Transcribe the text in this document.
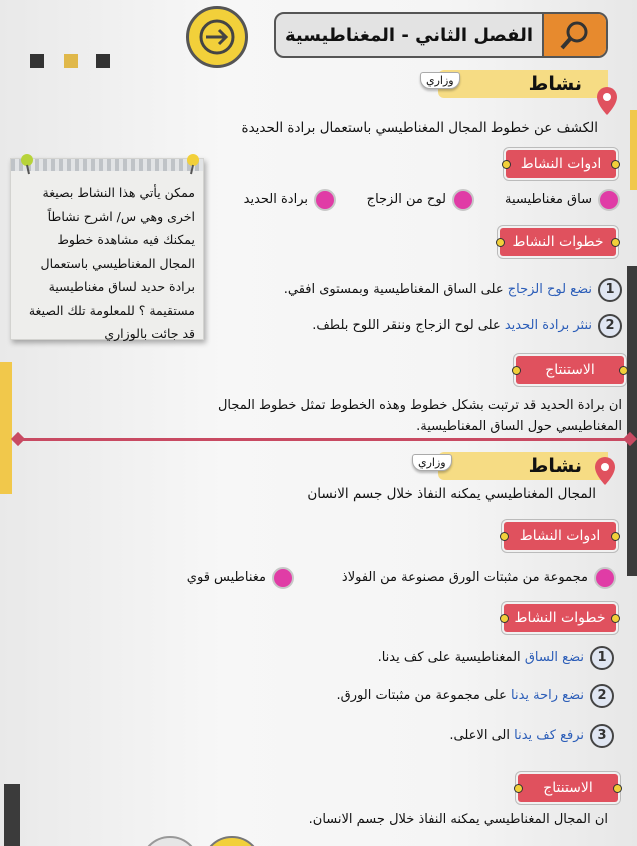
الفصل الثاني - المغناطيسية
نشاط
وزاري
الكشف عن خطوط المجال المغناطيسي باستعمال برادة الحديدة
ادوات النشاط
ساق مغناطيسية
لوح من الزجاج
برادة الحديد
خطوات النشاط
1
نضع لوح الزجاج على الساق المغناطيسية وبمستوى افقي.
2
ننثر برادة الحديد على لوح الزجاج وننقر اللوح بلطف.
الاستنتاج
ان برادة الحديد قد ترتبت بشكل خطوط وهذه الخطوط تمثل خطوط المجال
المغناطيسي حول الساق المغناطيسية.
ممكن يأتي هذا النشاط بصيغة اخرى وهي س/ اشرح نشاطاً يمكنك فيه مشاهدة خطوط المجال المغناطيسي باستعمال برادة حديد لساق مغناطيسية مستقيمة ؟ للمعلومة تلك الصيغة قد جائت بالوزاري
نشاط
وزاري
المجال المغناطيسي يمكنه النفاذ خلال جسم الانسان
ادوات النشاط
مجموعة من مثبتات الورق مصنوعة من الفولاذ
مغناطيس قوي
خطوات النشاط
1
نضع الساق المغناطيسية على كف يدنا.
2
نضع راحة يدنا على مجموعة من مثبتات الورق.
3
نرفع كف يدنا الى الاعلى.
الاستنتاج
ان المجال المغناطيسي يمكنه النفاذ خلال جسم الانسان.
